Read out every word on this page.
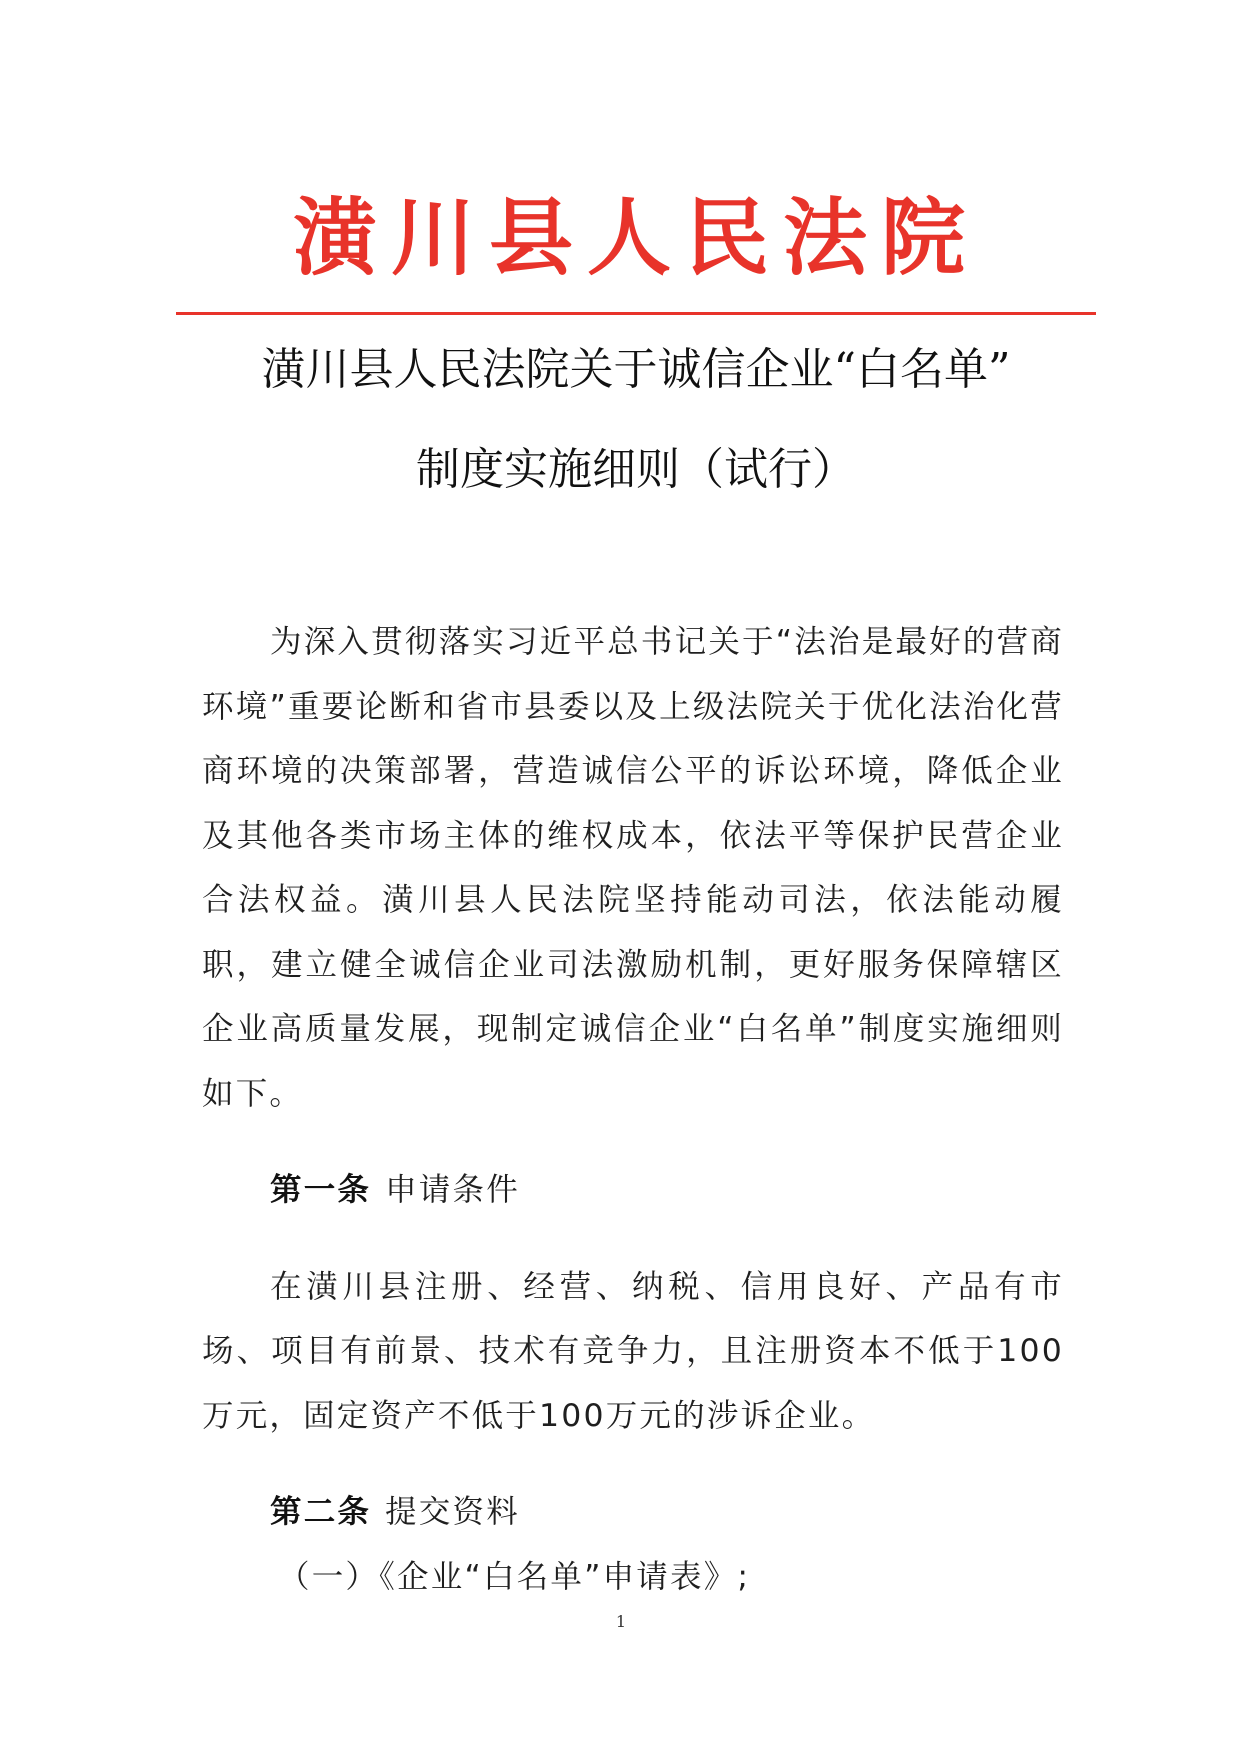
潢川县人民法院
潢川县人民法院关于诚信企业“白名单”
制度实施细则（试行）

为深入贯彻落实习近平总书记关于“法治是最好的营商环境”重要论断和省市县委以及上级法院关于优化法治化营商环境的决策部署，营造诚信公平的诉讼环境，降低企业及其他各类市场主体的维权成本，依法平等保护民营企业合法权益。潢川县人民法院坚持能动司法，依法能动履职，建立健全诚信企业司法激励机制，更好服务保障辖区企业高质量发展，现制定诚信企业“白名单”制度实施细则如下。

第一条 申请条件

在潢川县注册、经营、纳税、信用良好、产品有市场、项目有前景、技术有竞争力，且注册资本不低于100万元，固定资产不低于100万元的涉诉企业。

第二条 提交资料

（一）《企业“白名单”申请表》;

1
